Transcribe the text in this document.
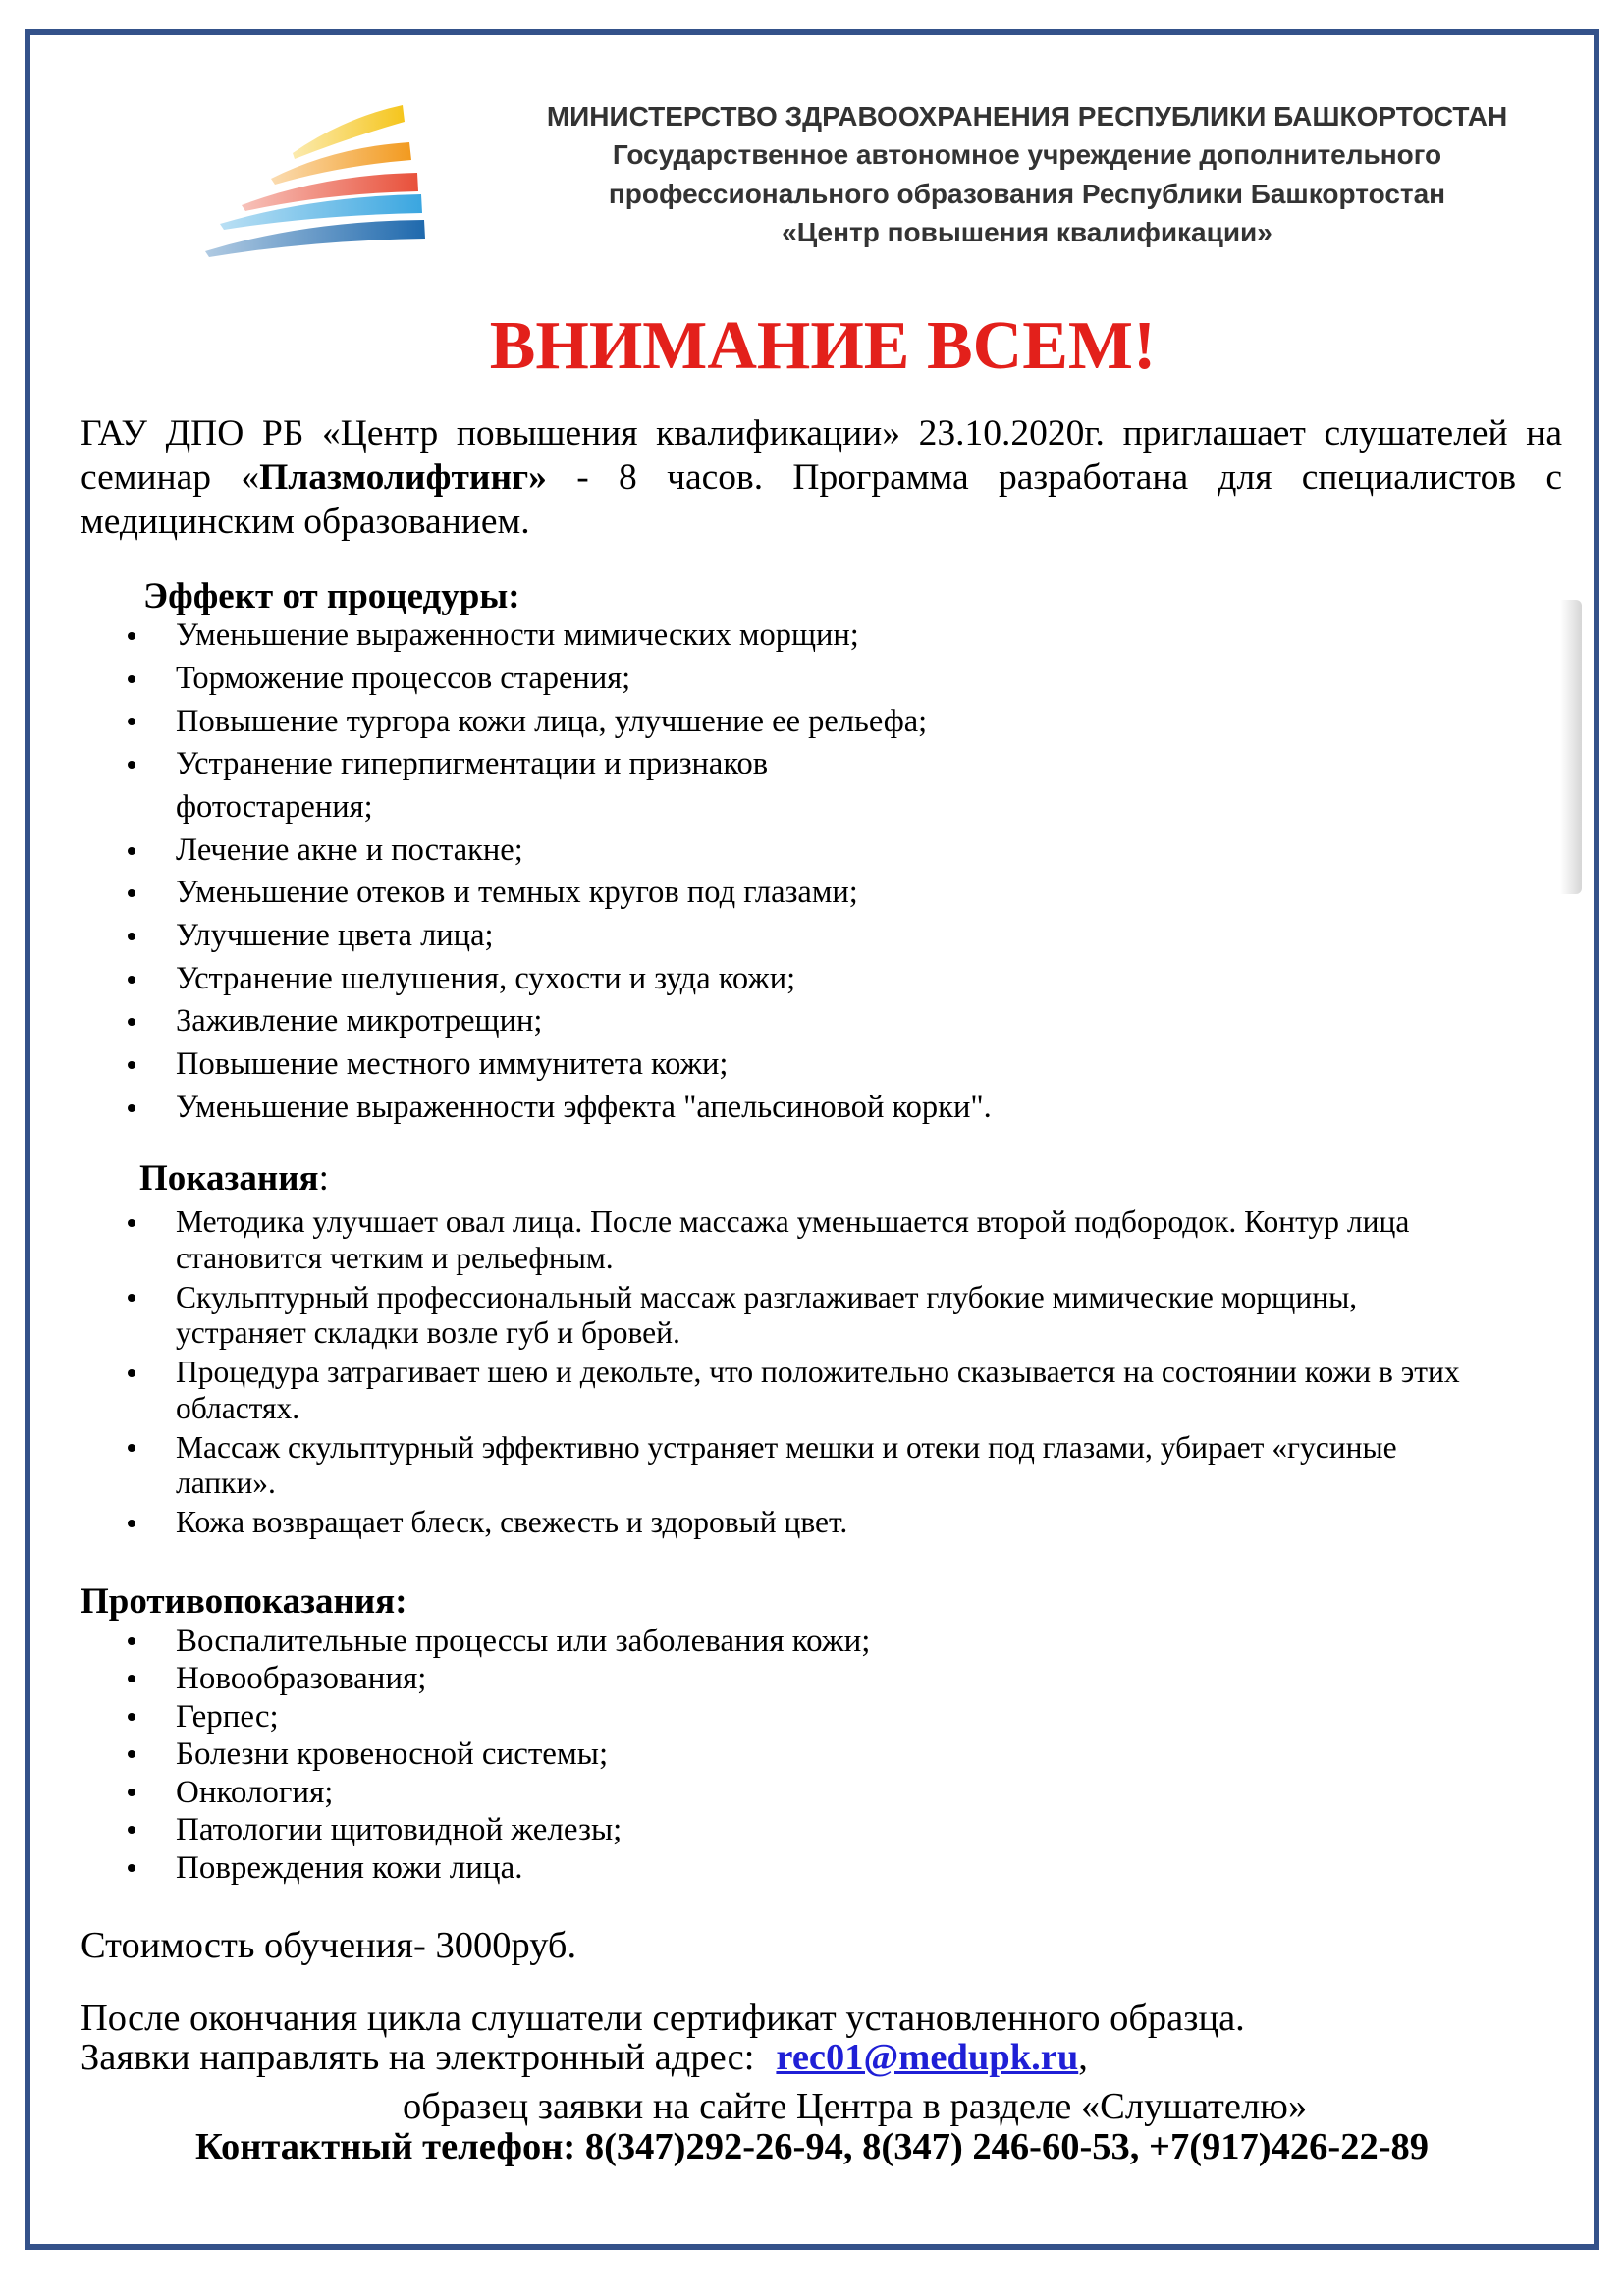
МИНИСТЕРСТВО ЗДРАВООХРАНЕНИЯ РЕСПУБЛИКИ БАШКОРТОСТАН
Государственное автономное учреждение дополнительного
профессионального образования Республики Башкортостан
«Центр повышения квалификации»
ВНИМАНИЕ ВСЕМ!
ГАУ ДПО РБ «Центр повышения квалификации» 23.10.2020г. приглашает слушателей на
семинар «Плазмолифтинг» - 8 часов. Программа разработана для специалистов с
медицинским образованием.
Эффект от процедуры:
Уменьшение выраженности мимических морщин;
Торможение процессов старения;
Повышение тургора кожи лица, улучшение ее рельефа;
Устранение гиперпигментации и признаков
фотостарения;
Лечение акне и постакне;
Уменьшение отеков и темных кругов под глазами;
Улучшение цвета лица;
Устранение шелушения, сухости и зуда кожи;
Заживление микротрещин;
Повышение местного иммунитета кожи;
Уменьшение выраженности эффекта "апельсиновой корки".
Показания:
Методика улучшает овал лица. После массажа уменьшается второй подбородок. Контур лица
становится четким и рельефным.
Скульптурный профессиональный массаж разглаживает глубокие мимические морщины,
устраняет складки возле губ и бровей.
Процедура затрагивает шею и декольте, что положительно сказывается на состоянии кожи в этих
областях.
Массаж скульптурный эффективно устраняет мешки и отеки под глазами, убирает «гусиные
лапки».
Кожа возвращает блеск, свежесть и здоровый цвет.
Противопоказания:
Воспалительные процессы или заболевания кожи;
Новообразования;
Герпес;
Болезни кровеносной системы;
Онкология;
Патологии щитовидной железы;
Повреждения кожи лица.
Стоимость обучения- 3000руб.
После окончания цикла слушатели сертификат установленного образца.
Заявки направлять на электронный адрес: rec01@medupk.ru,
образец заявки на сайте Центра в разделе «Слушателю»
Контактный телефон: 8(347)292-26-94, 8(347) 246-60-53, +7(917)426-22-89
